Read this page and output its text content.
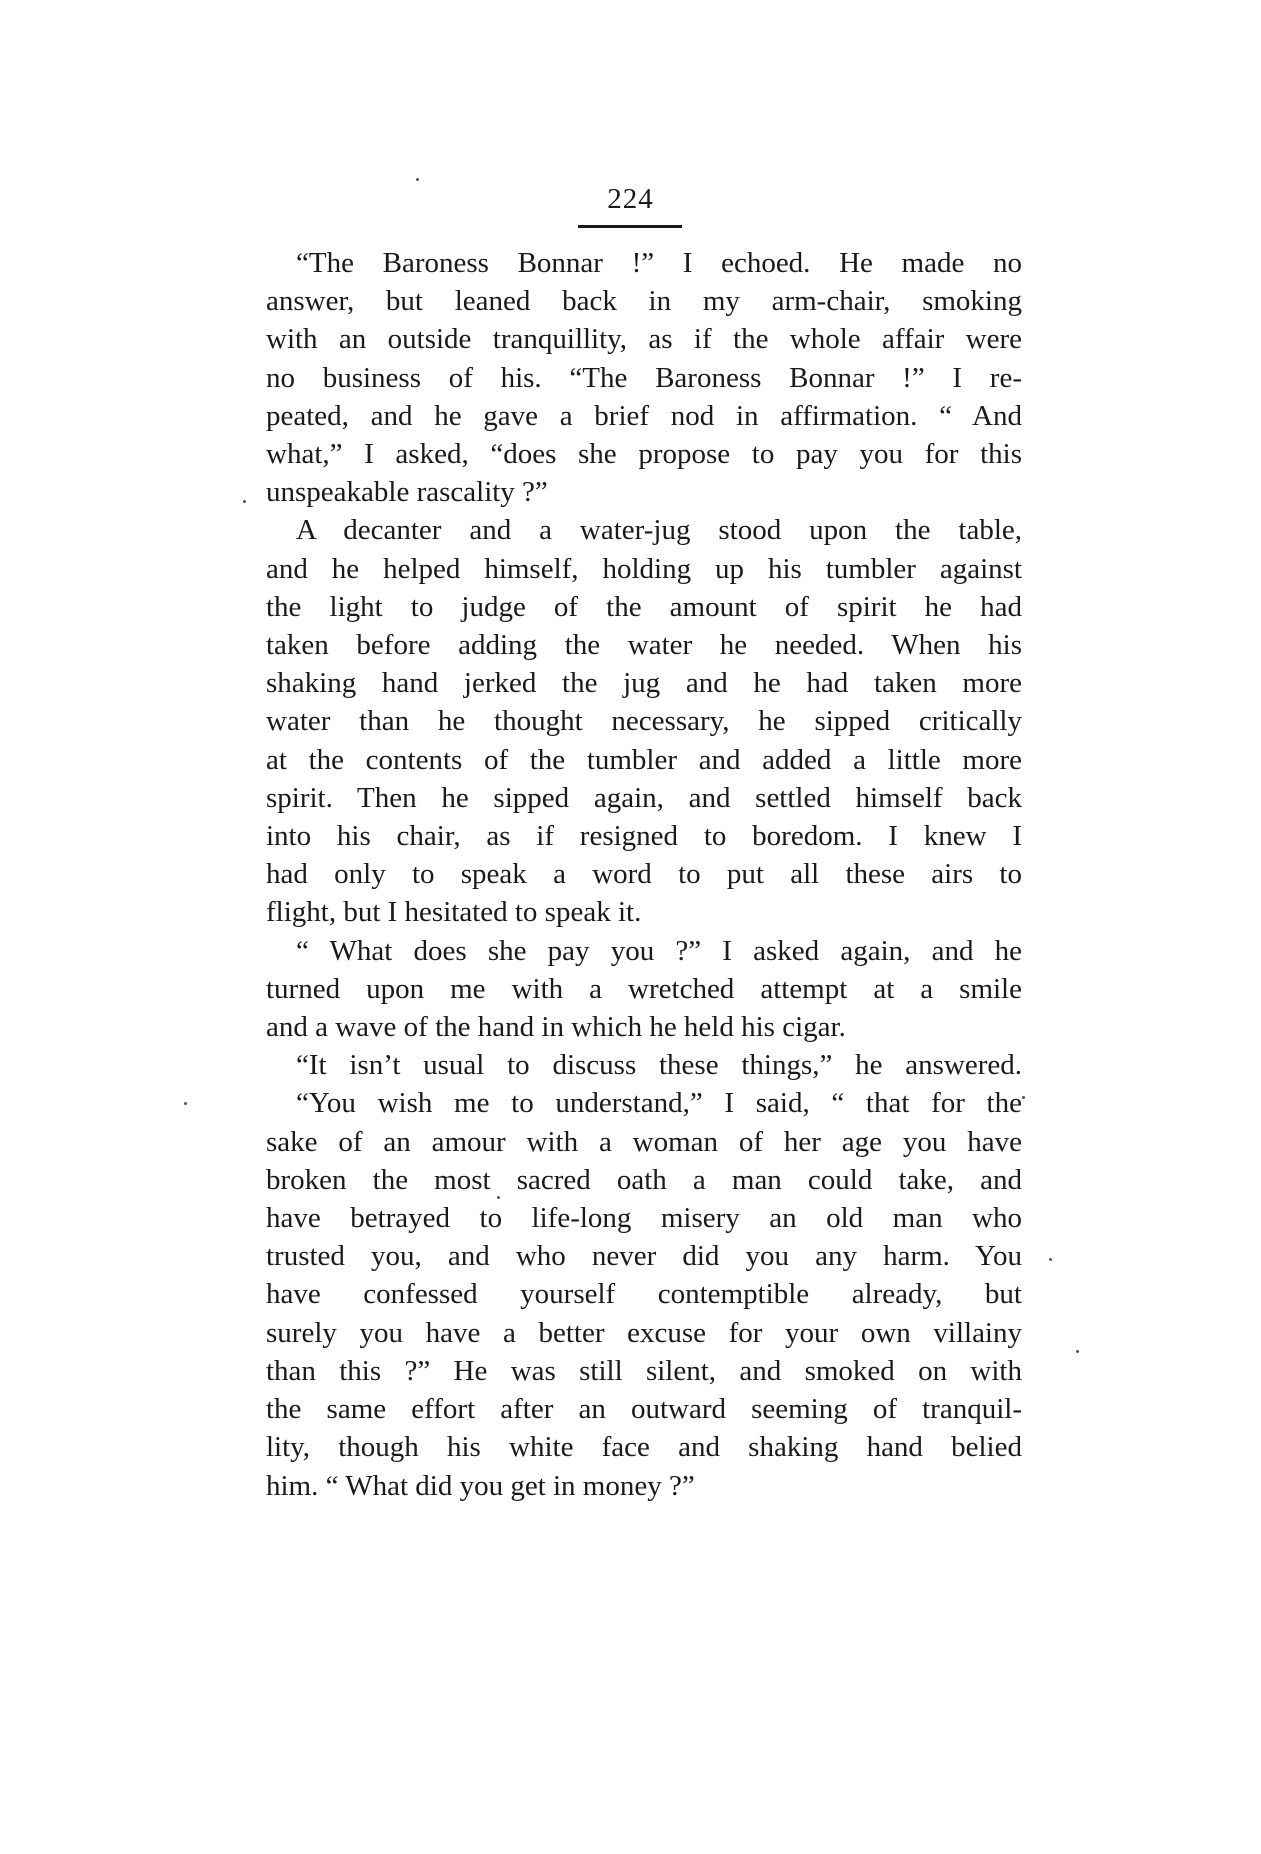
224

“The Baroness Bonnar !” I echoed. He made no
answer, but leaned back in my arm-chair, smoking
with an outside tranquillity, as if the whole affair were
no business of his. “The Baroness Bonnar !” I re-
peated, and he gave a brief nod in affirmation. “ And
what,” I asked, “does she propose to pay you for this
unspeakable rascality ?”

A decanter and a water-jug stood upon the table,
and he helped himself, holding up his tumbler against
the light to judge of the amount of spirit he had
taken before adding the water he needed. When his
shaking hand jerked the jug and he had taken more
water than he thought necessary, he sipped critically
at the contents of the tumbler and added a little more
spirit. Then he sipped again, and settled himself back
into his chair, as if resigned to boredom. I knew I
had only to speak a word to put all these airs to
flight, but I hesitated to speak it.

“ What does she pay you ?” I asked again, and he
turned upon me with a wretched attempt at a smile
and a wave of the hand in which he held his cigar.

“It isn’t usual to discuss these things,” he answered.

“You wish me to understand,” I said, “ that for the
sake of an amour with a woman of her age you have
broken the most sacred oath a man could take, and
have betrayed to life-long misery an old man who
trusted you, and who never did you any harm. You
have confessed yourself contemptible already, but
surely you have a better excuse for your own villainy
than this ?” He was still silent, and smoked on with
the same effort after an outward seeming of tranquil-
lity, though his white face and shaking hand belied
him. “ What did you get in money ?”
